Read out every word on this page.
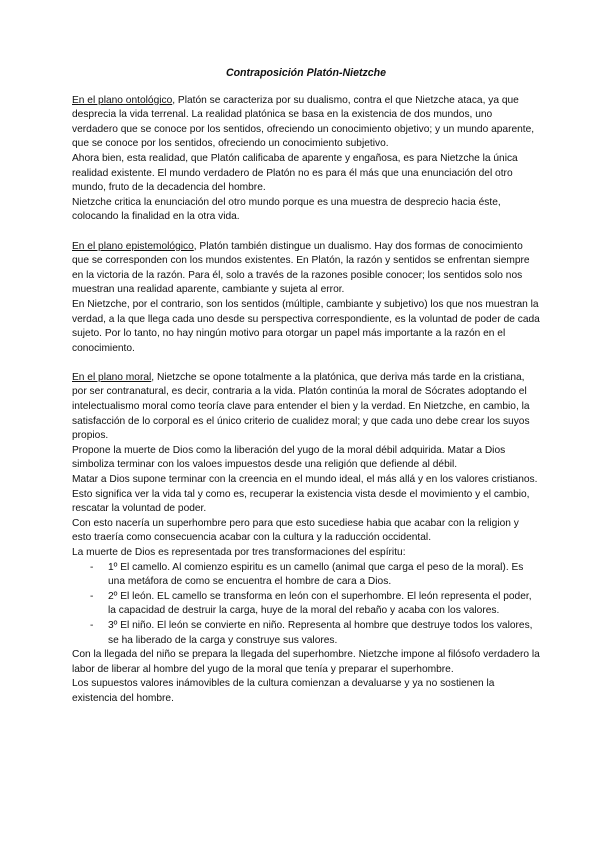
Contraposición Platón-Nietzche

En el plano ontológico, Platón se caracteriza por su dualismo, contra el que Nietzche ataca, ya que desprecia la vida terrenal. La realidad platónica se basa en la existencia de dos mundos, uno verdadero que se conoce por los sentidos, ofreciendo un conocimiento objetivo; y un mundo aparente, que se conoce por los sentidos, ofreciendo un conocimiento subjetivo.

Ahora bien, esta realidad, que Platón calificaba de aparente y engañosa, es para Nietzche la única realidad existente. El mundo verdadero de Platón no es para él más que una enunciación del otro mundo, fruto de la decadencia del hombre.

Nietzche critica la enunciación del otro mundo porque es una muestra de desprecio hacia éste, colocando la finalidad en la otra vida.

En el plano epistemológico, Platón también distingue un dualismo. Hay dos formas de conocimiento que se corresponden con los mundos existentes. En Platón, la razón y sentidos se enfrentan siempre en la victoria de la razón. Para él, solo a través de la razones posible conocer; los sentidos solo nos muestran una realidad aparente, cambiante y sujeta al error.

En Nietzche, por el contrario, son los sentidos (múltiple, cambiante y subjetivo) los que nos muestran la verdad, a la que llega cada uno desde su perspectiva correspondiente, es la voluntad de poder de cada sujeto. Por lo tanto, no hay ningún motivo para otorgar un papel más importante a la razón en el conocimiento.

En el plano moral, Nietzche se opone totalmente a la platónica, que deriva más tarde en la cristiana, por ser contranatural, es decir, contraria a la vida. Platón continúa la moral de Sócrates adoptando el intelectualismo moral como teoría clave para entender el bien y la verdad. En Nietzche, en cambio, la satisfacción de lo corporal es el único criterio de cualidez moral; y que cada uno debe crear los suyos propios.

Propone la muerte de Dios como la liberación del yugo de la moral débil adquirida. Matar a Dios simboliza terminar con los valoes impuestos desde una religión que defiende al débil.

Matar a Dios supone terminar con la creencia en el mundo ideal, el más allá y en los valores cristianos. Esto significa ver la vida tal y como es, recuperar la existencia vista desde el movimiento y el cambio, rescatar la voluntad de poder.

Con esto nacería un superhombre pero para que esto sucediese habia que acabar con la religion y esto traería como consecuencia acabar con la cultura y la raducción occidental.

La muerte de Dios es representada por tres transformaciones del espíritu:

- 1º El camello. Al comienzo espiritu es un camello (animal que carga el peso de la moral). Es una metáfora de como se encuentra el hombre de cara a Dios.
- 2º El león. EL camello se transforma en león con el superhombre. El león representa el poder, la capacidad de destruir la carga, huye de la moral del rebaño y acaba con los valores.
- 3º El niño. El león se convierte en niño. Representa al hombre que destruye todos los valores, se ha liberado de la carga y construye sus valores.

Con la llegada del niño se prepara la llegada del superhombre. Nietzche impone al filósofo verdadero la labor de liberar al hombre del yugo de la moral que tenía y preparar el superhombre.

Los supuestos valores inámovibles de la cultura comienzan a devaluarse y ya no sostienen la existencia del hombre.
